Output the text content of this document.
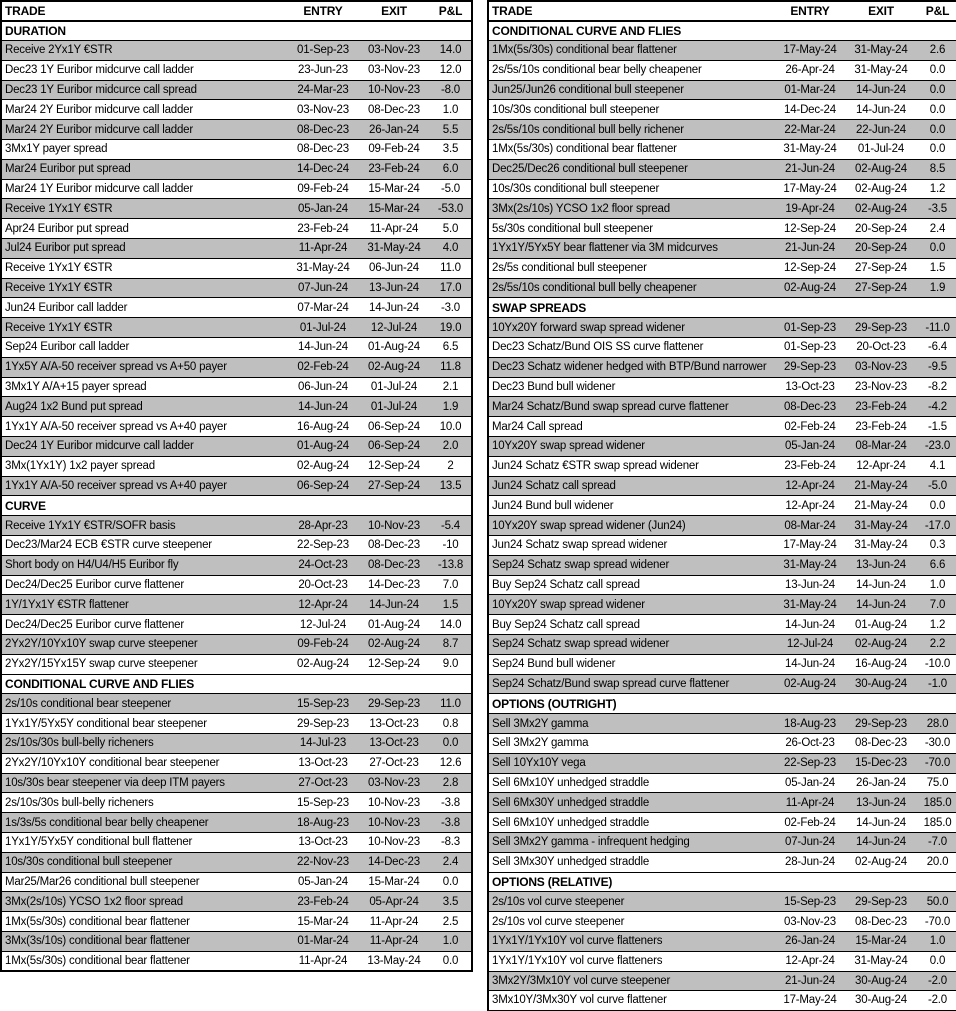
TRADE	ENTRY	EXIT	P&L
DURATION			
Receive 2Yx1Y €STR	01-Sep-23	03-Nov-23	14.0
Dec23 1Y Euribor midcurve call ladder	23-Jun-23	03-Nov-23	12.0
Dec23 1Y Euribor midcurce call spread	24-Mar-23	10-Nov-23	-8.0
Mar24 2Y Euribor midcurve call ladder	03-Nov-23	08-Dec-23	1.0
Mar24 2Y Euribor midcurve call ladder	08-Dec-23	26-Jan-24	5.5
3Mx1Y payer spread	08-Dec-23	09-Feb-24	3.5
Mar24 Euribor put spread	14-Dec-24	23-Feb-24	6.0
Mar24 1Y Euribor midcurve call ladder	09-Feb-24	15-Mar-24	-5.0
Receive 1Yx1Y €STR	05-Jan-24	15-Mar-24	-53.0
Apr24 Euribor put spread	23-Feb-24	11-Apr-24	5.0
Jul24 Euribor put spread	11-Apr-24	31-May-24	4.0
Receive 1Yx1Y €STR	31-May-24	06-Jun-24	11.0
Receive 1Yx1Y €STR	07-Jun-24	13-Jun-24	17.0
Jun24 Euribor call ladder	07-Mar-24	14-Jun-24	-3.0
Receive 1Yx1Y €STR	01-Jul-24	12-Jul-24	19.0
Sep24 Euribor call ladder	14-Jun-24	01-Aug-24	6.5
1Yx5Y A/A-50 receiver spread vs A+50 payer	02-Feb-24	02-Aug-24	11.8
3Mx1Y A/A+15 payer spread	06-Jun-24	01-Jul-24	2.1
Aug24 1x2 Bund put spread	14-Jun-24	01-Jul-24	1.9
1Yx1Y A/A-50 receiver spread vs A+40 payer	16-Aug-24	06-Sep-24	10.0
Dec24 1Y Euribor midcurve call ladder	01-Aug-24	06-Sep-24	2.0
3Mx(1Yx1Y) 1x2 payer spread	02-Aug-24	12-Sep-24	2
1Yx1Y A/A-50 receiver spread vs A+40 payer	06-Sep-24	27-Sep-24	13.5
CURVE			
Receive 1Yx1Y €STR/SOFR basis	28-Apr-23	10-Nov-23	-5.4
Dec23/Mar24 ECB €STR curve steepener	22-Sep-23	08-Dec-23	-10
Short body on H4/U4/H5 Euribor fly	24-Oct-23	08-Dec-23	-13.8
Dec24/Dec25 Euribor curve flattener	20-Oct-23	14-Dec-23	7.0
1Y/1Yx1Y €STR flattener	12-Apr-24	14-Jun-24	1.5
Dec24/Dec25 Euribor curve flattener	12-Jul-24	01-Aug-24	14.0
2Yx2Y/10Yx10Y swap curve steepener	09-Feb-24	02-Aug-24	8.7
2Yx2Y/15Yx15Y swap curve steepener	02-Aug-24	12-Sep-24	9.0
CONDITIONAL CURVE AND FLIES			
2s/10s conditional bear steepener	15-Sep-23	29-Sep-23	11.0
1Yx1Y/5Yx5Y conditional bear steepener	29-Sep-23	13-Oct-23	0.8
2s/10s/30s bull-belly richeners	14-Jul-23	13-Oct-23	0.0
2Yx2Y/10Yx10Y conditional bear steepener	13-Oct-23	27-Oct-23	12.6
10s/30s bear steepener via deep ITM payers	27-Oct-23	03-Nov-23	2.8
2s/10s/30s bull-belly richeners	15-Sep-23	10-Nov-23	-3.8
1s/3s/5s conditional bear belly cheapener	18-Aug-23	10-Nov-23	-3.8
1Yx1Y/5Yx5Y conditional bull flattener	13-Oct-23	10-Nov-23	-8.3
10s/30s conditional bull steepener	22-Nov-23	14-Dec-23	2.4
Mar25/Mar26 conditional bull steepener	05-Jan-24	15-Mar-24	0.0
3Mx(2s/10s) YCSO 1x2 floor spread	23-Feb-24	05-Apr-24	3.5
1Mx(5s/30s) conditional bear flattener	15-Mar-24	11-Apr-24	2.5
3Mx(3s/10s) conditional bear flattener	01-Mar-24	11-Apr-24	1.0
1Mx(5s/30s) conditional bear flattener	11-Apr-24	13-May-24	0.0
TRADE	ENTRY	EXIT	P&L
CONDITIONAL CURVE AND FLIES			
1Mx(5s/30s) conditional bear flattener	17-May-24	31-May-24	2.6
2s/5s/10s conditional bear belly cheapener	26-Apr-24	31-May-24	0.0
Jun25/Jun26 conditional bull steepener	01-Mar-24	14-Jun-24	0.0
10s/30s conditional bull steepener	14-Dec-24	14-Jun-24	0.0
2s/5s/10s conditional bull belly richener	22-Mar-24	22-Jun-24	0.0
1Mx(5s/30s) conditional bear flattener	31-May-24	01-Jul-24	0.0
Dec25/Dec26 conditional bull steepener	21-Jun-24	02-Aug-24	8.5
10s/30s conditional bull steepener	17-May-24	02-Aug-24	1.2
3Mx(2s/10s) YCSO 1x2 floor spread	19-Apr-24	02-Aug-24	-3.5
5s/30s conditional bull steepener	12-Sep-24	20-Sep-24	2.4
1Yx1Y/5Yx5Y bear flattener via 3M midcurves	21-Jun-24	20-Sep-24	0.0
2s/5s conditional bull steepener	12-Sep-24	27-Sep-24	1.5
2s/5s/10s conditional bull belly cheapener	02-Aug-24	27-Sep-24	1.9
SWAP SPREADS			
10Yx20Y forward swap spread widener	01-Sep-23	29-Sep-23	-11.0
Dec23 Schatz/Bund OIS SS curve flattener	01-Sep-23	20-Oct-23	-6.4
Dec23 Schatz widener hedged with BTP/Bund narrower	29-Sep-23	03-Nov-23	-9.5
Dec23 Bund bull widener	13-Oct-23	23-Nov-23	-8.2
Mar24 Schatz/Bund swap spread curve flattener	08-Dec-23	23-Feb-24	-4.2
Mar24 Call spread	02-Feb-24	23-Feb-24	-1.5
10Yx20Y swap spread widener	05-Jan-24	08-Mar-24	-23.0
Jun24 Schatz €STR swap spread widener	23-Feb-24	12-Apr-24	4.1
Jun24 Schatz call spread	12-Apr-24	21-May-24	-5.0
Jun24 Bund bull widener	12-Apr-24	21-May-24	0.0
10Yx20Y swap spread widener (Jun24)	08-Mar-24	31-May-24	-17.0
Jun24 Schatz swap spread widener	17-May-24	31-May-24	0.3
Sep24 Schatz swap spread widener	31-May-24	13-Jun-24	6.6
Buy Sep24 Schatz call spread	13-Jun-24	14-Jun-24	1.0
10Yx20Y swap spread widener	31-May-24	14-Jun-24	7.0
Buy Sep24 Schatz call spread	14-Jun-24	01-Aug-24	1.2
Sep24 Schatz swap spread widener	12-Jul-24	02-Aug-24	2.2
Sep24 Bund bull widener	14-Jun-24	16-Aug-24	-10.0
Sep24 Schatz/Bund swap spread curve flattener	02-Aug-24	30-Aug-24	-1.0
OPTIONS (OUTRIGHT)			
Sell 3Mx2Y gamma	18-Aug-23	29-Sep-23	28.0
Sell 3Mx2Y gamma	26-Oct-23	08-Dec-23	-30.0
Sell 10Yx10Y vega	22-Sep-23	15-Dec-23	-70.0
Sell 6Mx10Y unhedged straddle	05-Jan-24	26-Jan-24	75.0
Sell 6Mx30Y unhedged straddle	11-Apr-24	13-Jun-24	185.0
Sell 6Mx10Y unhedged straddle	02-Feb-24	14-Jun-24	185.0
Sell 3Mx2Y gamma - infrequent hedging	07-Jun-24	14-Jun-24	-7.0
Sell 3Mx30Y unhedged straddle	28-Jun-24	02-Aug-24	20.0
OPTIONS (RELATIVE)			
2s/10s vol curve steepener	15-Sep-23	29-Sep-23	50.0
2s/10s vol curve steepener	03-Nov-23	08-Dec-23	-70.0
1Yx1Y/1Yx10Y vol curve flatteners	26-Jan-24	15-Mar-24	1.0
1Yx1Y/1Yx10Y vol curve flatteners	12-Apr-24	31-May-24	0.0
3Mx2Y/3Mx10Y vol curve steepener	21-Jun-24	30-Aug-24	-2.0
3Mx10Y/3Mx30Y vol curve flattener	17-May-24	30-Aug-24	-2.0
